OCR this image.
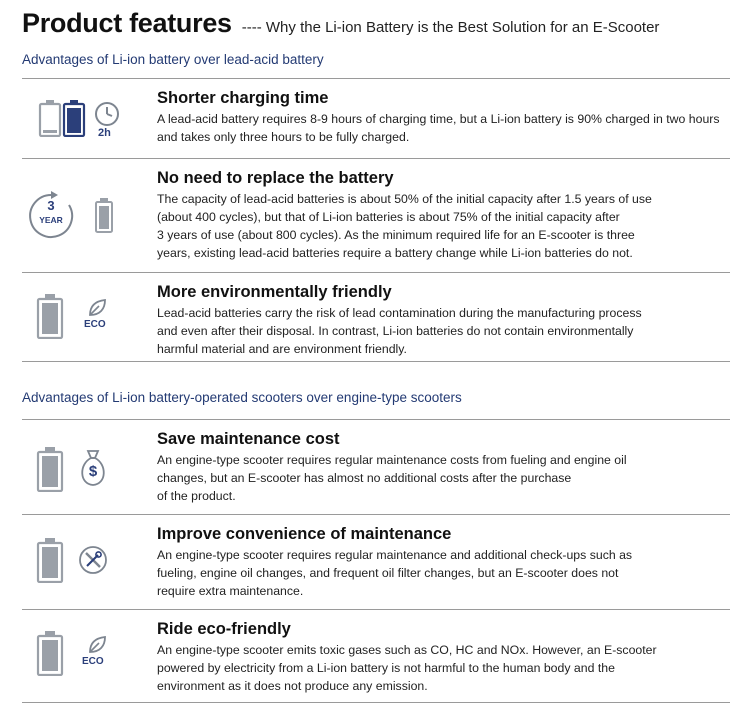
Product features ---- Why the Li-ion Battery is the Best Solution for an E-Scooter
Advantages of Li-ion battery over lead-acid battery
2h
Shorter charging time
A lead-acid battery requires 8-9 hours of charging time, but a Li-ion battery is 90% charged in two hours and takes only three hours to be fully charged.
3
YEAR
No need to replace the battery
The capacity of lead-acid batteries is about 50% of the initial capacity after 1.5 years of use
(about 400 cycles), but that of Li-ion batteries is about 75% of the initial capacity after
3 years of use (about 800 cycles). As the minimum required life for an E-scooter is three
years, existing lead-acid batteries require a battery change while Li-ion batteries do not.
ECO
More environmentally friendly
Lead-acid batteries carry the risk of lead contamination during the manufacturing process
and even after their disposal. In contrast, Li-ion batteries do not contain environmentally
harmful material and are environment friendly.
Advantages of Li-ion battery-operated scooters over engine-type scooters
$
Save maintenance cost
An engine-type scooter requires regular maintenance costs from fueling and engine oil
changes, but an E-scooter has almost no additional costs after the purchase
of the product.
Improve convenience of maintenance
An engine-type scooter requires regular maintenance and additional check-ups such as
fueling, engine oil changes, and frequent oil filter changes, but an E-scooter does not
require extra maintenance.
ECO
Ride eco-friendly
An engine-type scooter emits toxic gases such as CO, HC and NOx. However, an E-scooter
powered by electricity from a Li-ion battery is not harmful to the human body and the
environment as it does not produce any emission.
